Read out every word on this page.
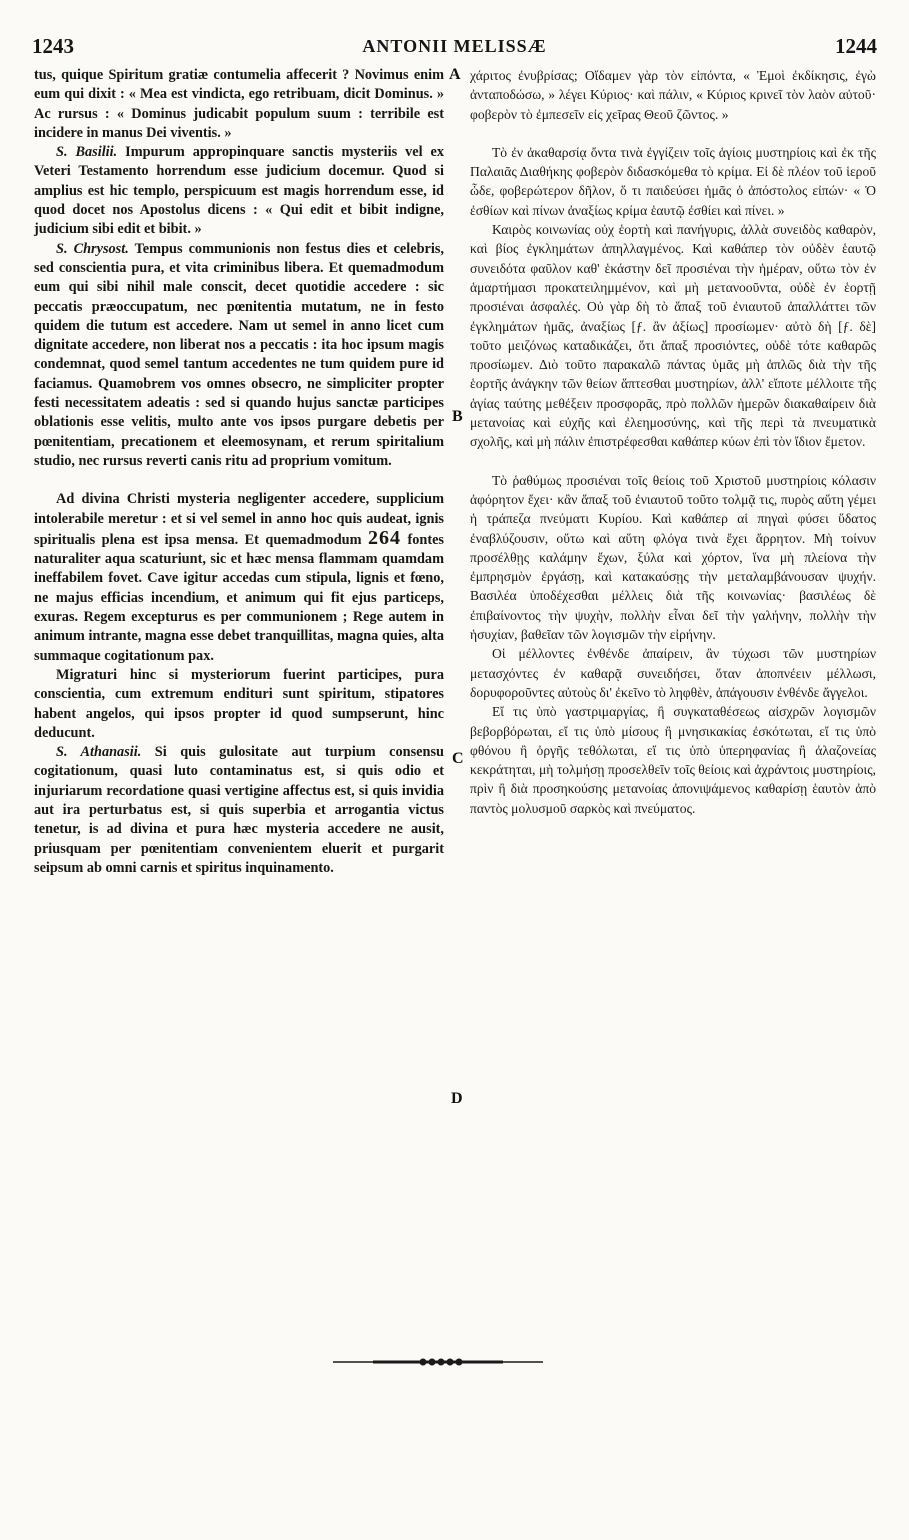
1243	ANTONII MELISSÆ	1244

tus, quique Spiritum gratiæ contumelia affecerit ? Novimus enim eum qui dixit : « Mea est vindicta, ego retribuam, dicit Dominus. » Ac rursus : « Dominus judicabit populum suum : terribile est incidere in manus Dei viventis. »

S. Basilii. Impurum appropinquare sanctis mysteriis vel ex Veteri Testamento horrendum esse judicium docemur. Quod si amplius est hic templo, perspicuum est magis horrendum esse, id quod docet nos Apostolus dicens : « Qui edit et bibit indigne, judicium sibi edit et bibit. »

S. Chrysost. Tempus communionis non festus dies et celebris, sed conscientia pura, et vita criminibus libera. Et quemadmodum eum qui sibi nihil male conscit, decet quotidie accedere : sic peccatis præoccupatum, nec pœnitentia mutatum, ne in festo quidem die tutum est accedere. Nam ut semel in anno licet cum dignitate accedere, non liberat nos a peccatis : ita hoc ipsum magis condemnat, quod semel tantum accedentes ne tum quidem pure id faciamus. Quamobrem vos omnes obsecro, ne simpliciter propter festi necessitatem adeatis : sed si quando hujus sanctæ participes oblationis esse velitis, multo ante vos ipsos purgare debetis per pœnitentiam, precationem et eleemosynam, et rerum spiritalium studio, nec rursus reverti canis ritu ad proprium vomitum.

Ad divina Christi mysteria negligenter accedere, supplicium intolerabile meretur : et si vel semel in anno hoc quis audeat, ignis spiritualis plena est ipsa mensa. Et quemadmodum 264 fontes naturaliter aqua scaturiunt, sic et hæc mensa flammam quamdam ineffabilem fovet. Cave igitur accedas cum stipula, lignis et fœno, ne majus efficias incendium, et animum qui fit ejus particeps, exuras. Regem excepturus es per communionem ; Rege autem in animum intrante, magna esse debet tranquillitas, magna quies, alta summaque cogitationum pax.

Migraturi hinc si mysteriorum fuerint participes, pura conscientia, cum extremum endituri sunt spiritum, stipatores habent angelos, qui ipsos propter id quod sumpserunt, hinc deducunt.

S. Athanasii. Si quis gulositate aut turpium consensu cogitationum, quasi luto contaminatus est, si quis odio et injuriarum recordatione quasi vertigine affectus est, si quis invidia aut ira perturbatus est, si quis superbia et arrogantia victus tenetur, is ad divina et pura hæc mysteria accedere ne ausit, priusquam per pœnitentiam convenientem eluerit et purgarit seipsum ab omni carnis et spiritus inquinamento.

A
B
C
D

χάριτος ἐνυβρίσας; Οἴδαμεν γὰρ τὸν εἰπόντα, « Ἐμοὶ ἐκδίκησις, ἐγὼ ἀνταποδώσω, » λέγει Κύριος· καὶ πάλιν, « Κύριος κρινεῖ τὸν λαὸν αὐτοῦ· φοβερὸν τὸ ἐμπεσεῖν εἰς χεῖρας Θεοῦ ζῶντος. »

Τὸ ἐν ἀκαθαρσίᾳ ὄντα τινὰ ἐγγίζειν τοῖς ἁγίοις μυστηρίοις καὶ ἐκ τῆς Παλαιᾶς Διαθήκης φοβερὸν διδασκόμεθα τὸ κρίμα. Εἰ δὲ πλέον τοῦ ἱεροῦ ὧδε, φοβερώτερον δῆλον, ὅ τι παιδεύσει ἡμᾶς ὁ ἀπόστολος εἰπών· « Ὁ ἐσθίων καὶ πίνων ἀναξίως κρίμα ἑαυτῷ ἐσθίει καὶ πίνει. »

Καιρὸς κοινωνίας οὐχ ἑορτὴ καὶ πανήγυρις, ἀλλὰ συνειδὸς καθαρὸν, καὶ βίος ἐγκλημάτων ἀπηλλαγμένος. Καὶ καθάπερ τὸν οὐδὲν ἑαυτῷ συνειδότα φαῦλον καθ' ἑκάστην δεῖ προσιέναι τὴν ἡμέραν, οὕτω τὸν ἐν ἁμαρτήμασι προκατειλημμένον, καὶ μὴ μετανοοῦντα, οὐδὲ ἐν ἑορτῇ προσιέναι ἀσφαλές. Οὐ γὰρ δὴ τὸ ἅπαξ τοῦ ἐνιαυτοῦ ἀπαλλάττει τῶν ἐγκλημάτων ἡμᾶς, ἀναξίως [ƒ. ἂν ἀξίως] προσίωμεν· αὐτὸ δὴ [ƒ. δὲ] τοῦτο μειζόνως καταδικάζει, ὅτι ἅπαξ προσιόντες, οὐδὲ τότε καθαρῶς προσίωμεν. Διὸ τοῦτο παρακαλῶ πάντας ὑμᾶς μὴ ἁπλῶς διὰ τὴν τῆς ἑορτῆς ἀνάγκην τῶν θείων ἅπτεσθαι μυστηρίων, ἀλλ' εἴποτε μέλλοιτε τῆς ἁγίας ταύτης μεθέξειν προσφορᾶς, πρὸ πολλῶν ἡμερῶν διακαθαίρειν διὰ μετανοίας καὶ εὐχῆς καὶ ἐλεημοσύνης, καὶ τῆς περὶ τὰ πνευματικὰ σχολῆς, καὶ μὴ πάλιν ἐπιστρέφεσθαι καθάπερ κύων ἐπὶ τὸν ἴδιον ἔμετον.

Τὸ ῥαθύμως προσιέναι τοῖς θείοις τοῦ Χριστοῦ μυστηρίοις κόλασιν ἀφόρητον ἔχει· κἂν ἅπαξ τοῦ ἐνιαυτοῦ τοῦτο τολμᾷ τις, πυρὸς αὕτη γέμει ἡ τράπεζα πνεύματι Κυρίου. Καὶ καθάπερ αἱ πηγαὶ φύσει ὕδατος ἐναβλύζουσιν, οὕτω καὶ αὕτη φλόγα τινὰ ἔχει ἄρρητον. Μὴ τοίνυν προσέλθῃς καλάμην ἔχων, ξύλα καὶ χόρτον, ἵνα μὴ πλείονα τὴν ἐμπρησμὸν ἐργάσῃ, καὶ κατακαύσῃς τὴν μεταλαμβάνουσαν ψυχήν. Βασιλέα ὑποδέχεσθαι μέλλεις διὰ τῆς κοινωνίας· βασιλέως δὲ ἐπιβαίνοντος τὴν ψυχὴν, πολλὴν εἶναι δεῖ τὴν γαλήνην, πολλὴν τὴν ἡσυχίαν, βαθεῖαν τῶν λογισμῶν τὴν εἰρήνην.

Οἱ μέλλοντες ἐνθένδε ἀπαίρειν, ἂν τύχωσι τῶν μυστηρίων μετασχόντες ἐν καθαρᾷ συνειδήσει, ὅταν ἀποπνέειν μέλλωσι, δορυφοροῦντες αὐτοὺς δι' ἐκεῖνο τὸ ληφθὲν, ἀπάγουσιν ἐνθένδε ἄγγελοι.

Εἴ τις ὑπὸ γαστριμαργίας, ἢ συγκαταθέσεως αἰσχρῶν λογισμῶν βεβορβόρωται, εἴ τις ὑπὸ μίσους ἢ μνησικακίας ἐσκότωται, εἴ τις ὑπὸ φθόνου ἢ ὀργῆς τεθόλωται, εἴ τις ὑπὸ ὑπερηφανίας ἢ ἀλαζονείας κεκράτηται, μὴ τολμήσῃ προσελθεῖν τοῖς θείοις καὶ ἀχράντοις μυστηρίοις, πρὶν ἢ διὰ προσηκούσης μετανοίας ἀπονιψάμενος καθαρίσῃ ἑαυτὸν ἀπὸ παντὸς μολυσμοῦ σαρκὸς καὶ πνεύματος.
